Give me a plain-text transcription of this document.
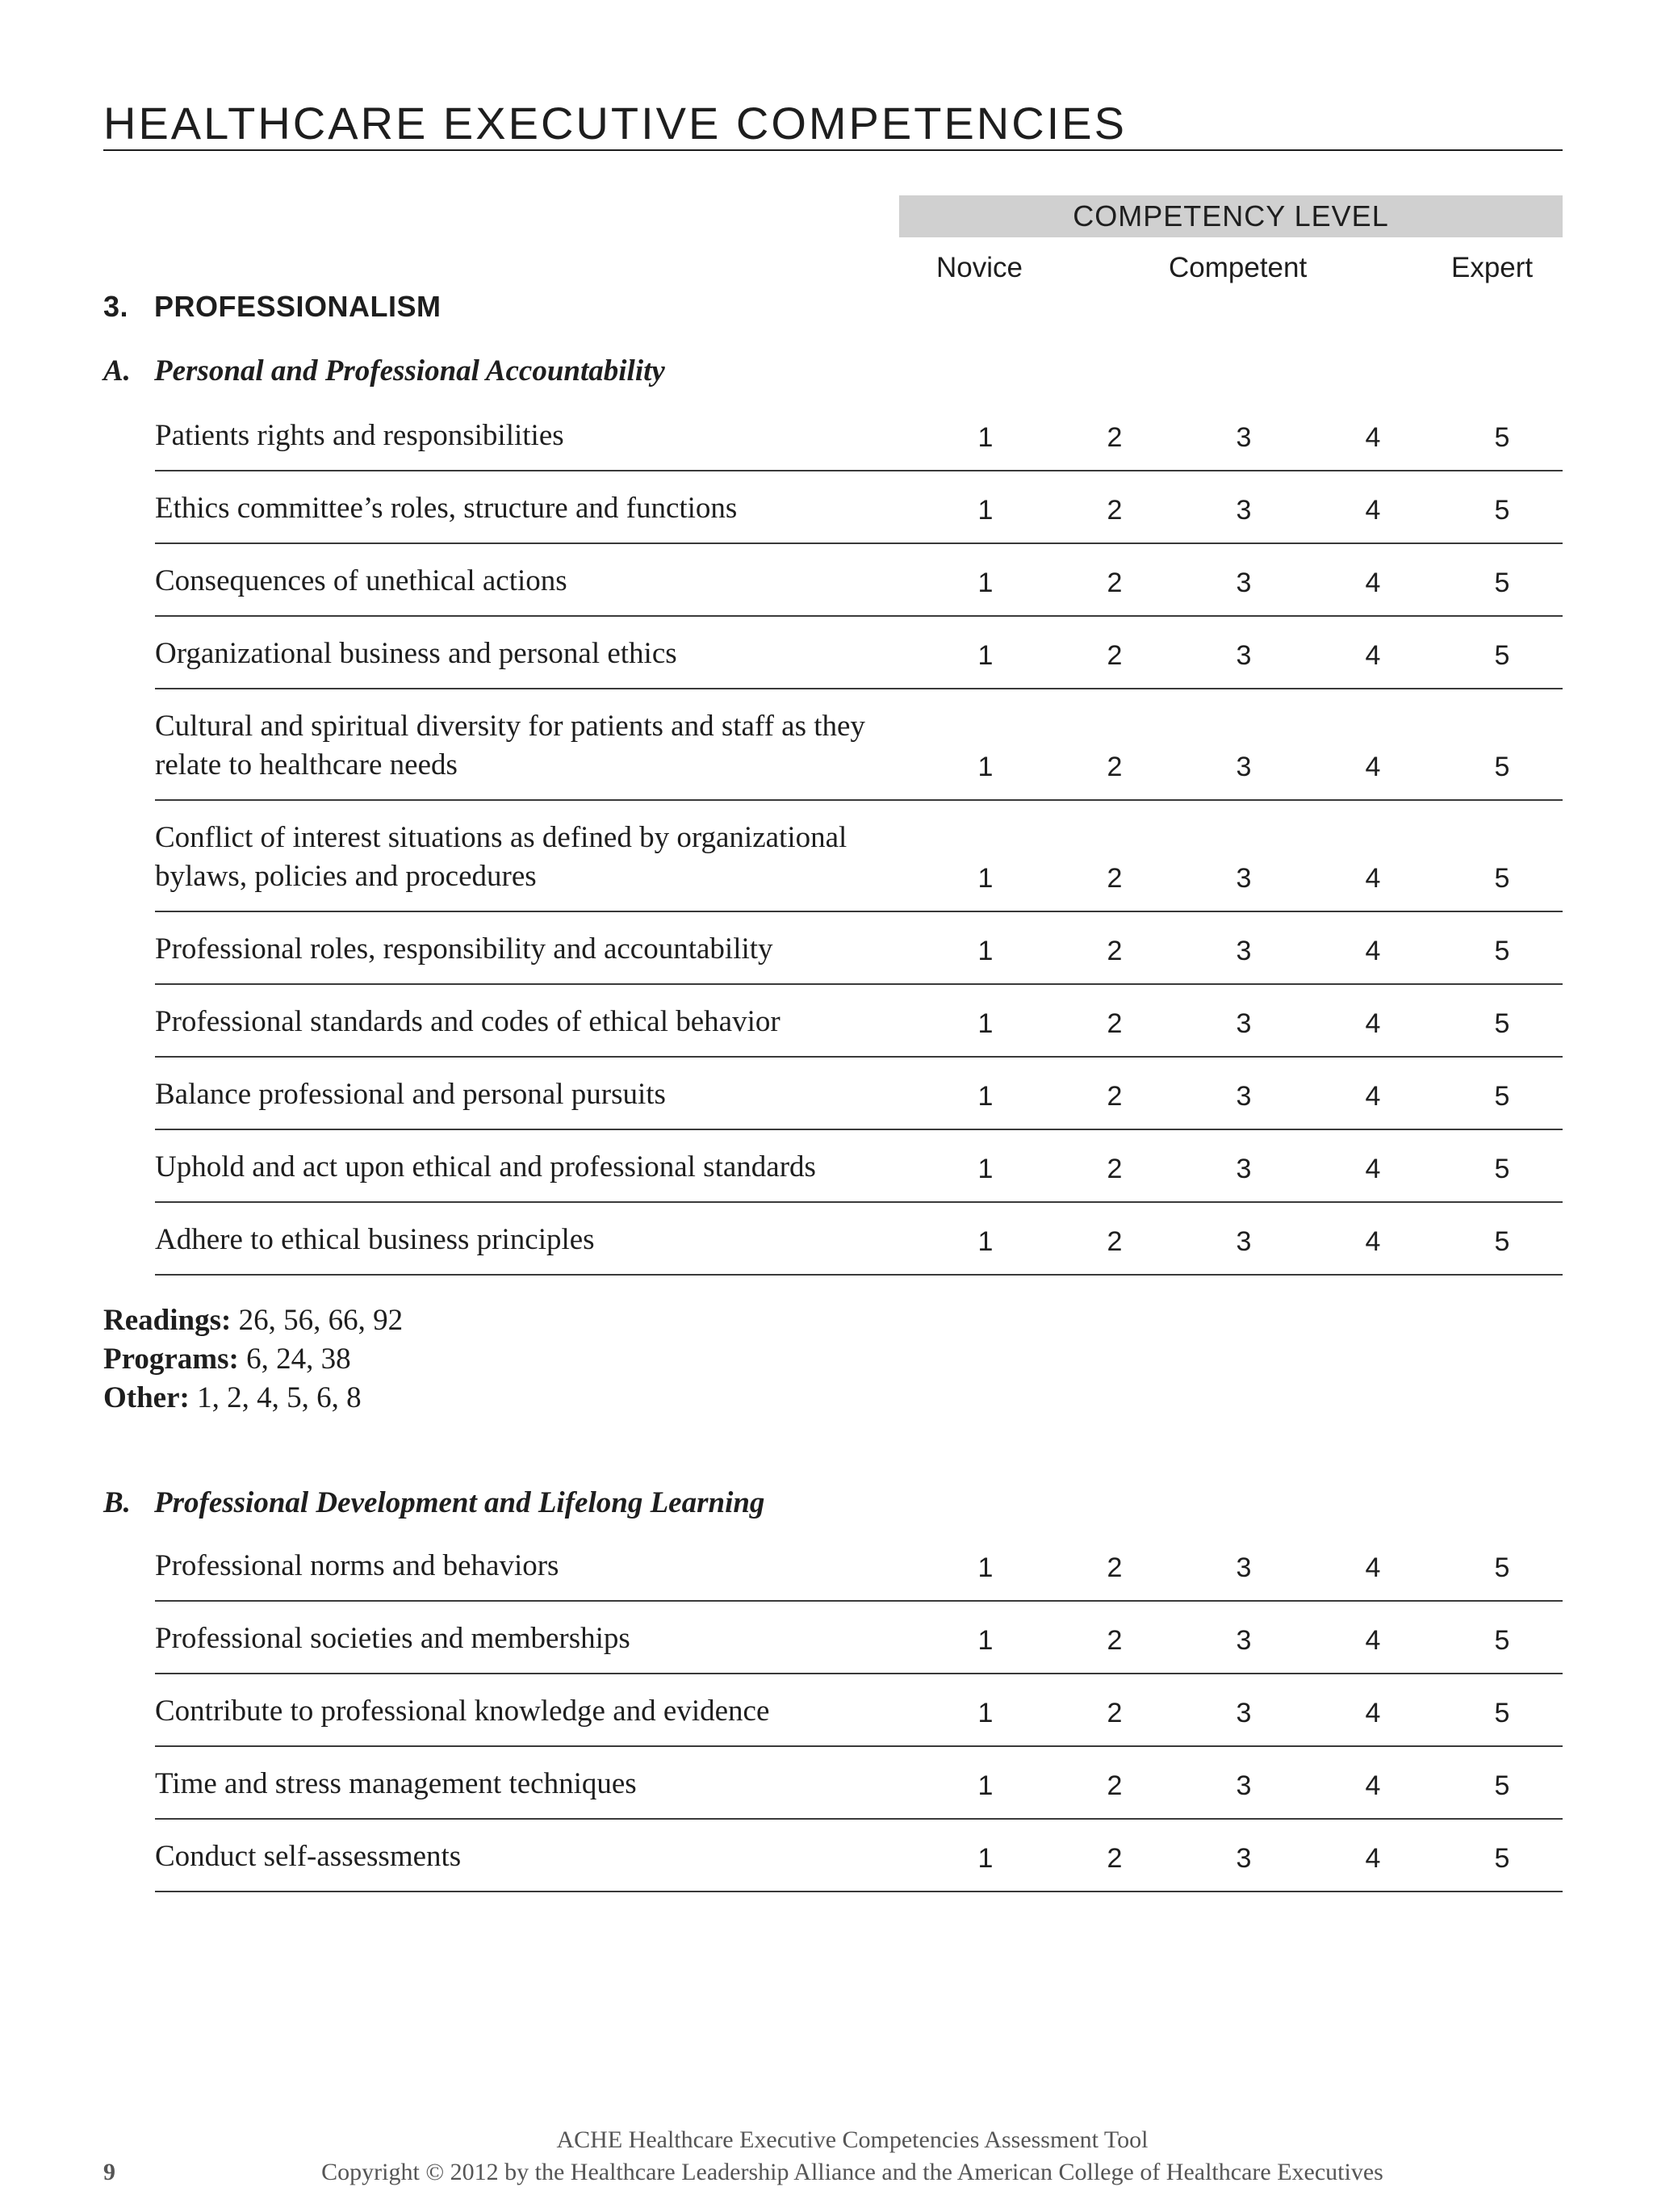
HEALTHCARE EXECUTIVE COMPETENCIES
COMPETENCY LEVEL
Novice	Competent	Expert
3. PROFESSIONALISM
A. Personal and Professional Accountability
Patients rights and responsibilities	1	2	3	4	5
Ethics committee’s roles, structure and functions	1	2	3	4	5
Consequences of unethical actions	1	2	3	4	5
Organizational business and personal ethics	1	2	3	4	5
Cultural and spiritual diversity for patients and staff as they relate to healthcare needs	1	2	3	4	5
Conflict of interest situations as defined by organizational bylaws, policies and procedures	1	2	3	4	5
Professional roles, responsibility and accountability	1	2	3	4	5
Professional standards and codes of ethical behavior	1	2	3	4	5
Balance professional and personal pursuits	1	2	3	4	5
Uphold and act upon ethical and professional standards	1	2	3	4	5
Adhere to ethical business principles	1	2	3	4	5
Readings: 26, 56, 66, 92
Programs: 6, 24, 38
Other: 1, 2, 4, 5, 6, 8
B. Professional Development and Lifelong Learning
Professional norms and behaviors	1	2	3	4	5
Professional societies and memberships	1	2	3	4	5
Contribute to professional knowledge and evidence	1	2	3	4	5
Time and stress management techniques	1	2	3	4	5
Conduct self-assessments	1	2	3	4	5
ACHE Healthcare Executive Competencies Assessment Tool
9	Copyright © 2012 by the Healthcare Leadership Alliance and the American College of Healthcare Executives
